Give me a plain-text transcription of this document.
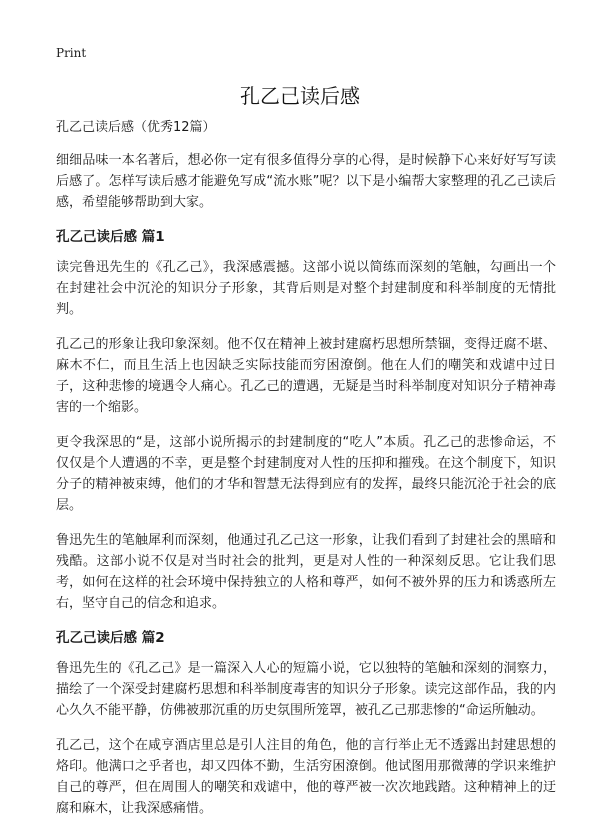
Print
孔乙己读后感
孔乙己读后感（优秀12篇）

细细品味一本名著后，想必你一定有很多值得分享的心得，是时候静下心来好好写写读后感了。怎样写读后感才能避免写成“流水账”呢？以下是小编帮大家整理的孔乙己读后感，希望能够帮助到大家。

孔乙己读后感 篇1

读完鲁迅先生的《孔乙己》，我深感震撼。这部小说以简练而深刻的笔触，勾画出一个在封建社会中沉沦的知识分子形象，其背后则是对整个封建制度和科举制度的无情批判。

孔乙己的形象让我印象深刻。他不仅在精神上被封建腐朽思想所禁锢，变得迂腐不堪、麻木不仁，而且生活上也因缺乏实际技能而穷困潦倒。他在人们的嘲笑和戏谑中过日子，这种悲惨的境遇令人痛心。孔乙己的遭遇，无疑是当时科举制度对知识分子精神毒害的一个缩影。

更令我深思的“是，这部小说所揭示的封建制度的“吃人”本质。孔乙己的悲惨命运，不仅仅是个人遭遇的不幸，更是整个封建制度对人性的压抑和摧残。在这个制度下，知识分子的精神被束缚，他们的才华和智慧无法得到应有的发挥，最终只能沉沦于社会的底层。

鲁迅先生的笔触犀利而深刻，他通过孔乙己这一形象，让我们看到了封建社会的黑暗和残酷。这部小说不仅是对当时社会的批判，更是对人性的一种深刻反思。它让我们思考，如何在这样的社会环境中保持独立的人格和尊严，如何不被外界的压力和诱惑所左右，坚守自己的信念和追求。

孔乙己读后感 篇2

鲁迅先生的《孔乙己》是一篇深入人心的短篇小说，它以独特的笔触和深刻的洞察力，描绘了一个深受封建腐朽思想和科举制度毒害的知识分子形象。读完这部作品，我的内心久久不能平静，仿佛被那沉重的历史氛围所笼罩，被孔乙己那悲惨的“命运所触动。

孔乙己，这个在咸亨酒店里总是引人注目的角色，他的言行举止无不透露出封建思想的烙印。他满口之乎者也，却又四体不勤，生活穷困潦倒。他试图用那微薄的学识来维护自己的尊严，但在周围人的嘲笑和戏谑中，他的尊严被一次次地践踏。这种精神上的迂腐和麻木，让我深感痛惜。
